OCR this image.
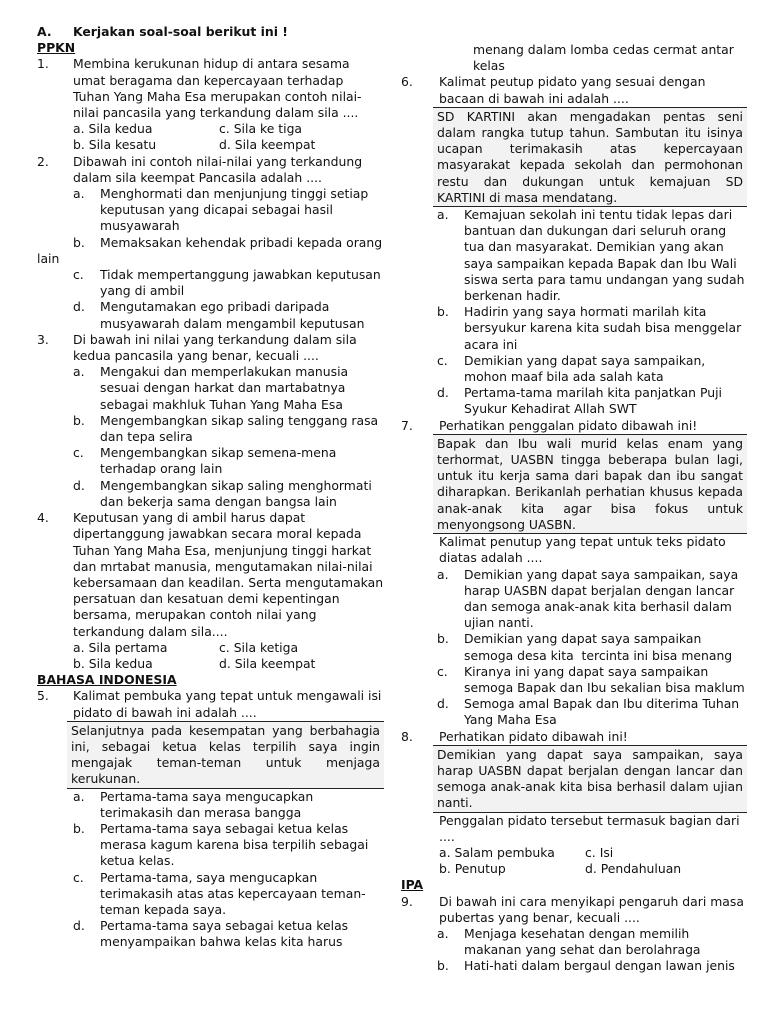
A.	Kerjakan soal-soal berikut ini !
PPKN
1.	Membina kerukunan hidup di antara sesama
umat beragama dan kepercayaan terhadap
Tuhan Yang Maha Esa merupakan contoh nilai-
nilai pancasila yang terkandung dalam sila ....
a. Sila kedua	c. Sila ke tiga
b. Sila kesatu	d. Sila keempat
2.	Dibawah ini contoh nilai-nilai yang terkandung
dalam sila keempat Pancasila adalah ....
a.	Menghormati dan menjunjung tinggi setiap
keputusan yang dicapai sebagai hasil
musyawarah
b. Memaksakan kehendak pribadi kepada orang
lain
c.	Tidak mempertanggung jawabkan keputusan
yang di ambil
d.	Mengutamakan ego pribadi daripada
musyawarah dalam mengambil keputusan
3.	Di bawah ini nilai yang terkandung dalam sila
kedua pancasila yang benar, kecuali ....
a.	Mengakui dan memperlakukan manusia
sesuai dengan harkat dan martabatnya
sebagai makhluk Tuhan Yang Maha Esa
b.	Mengembangkan sikap saling tenggang rasa
dan tepa selira
c.	Mengembangkan sikap semena-mena
terhadap orang lain
d.	Mengembangkan sikap saling menghormati
dan bekerja sama dengan bangsa lain
4.	Keputusan yang di ambil harus dapat
dipertanggung jawabkan secara moral kepada
Tuhan Yang Maha Esa, menjunjung tinggi harkat
dan mrtabat manusia, mengutamakan nilai-nilai
kebersamaan dan keadilan. Serta mengutamakan
persatuan dan kesatuan demi kepentingan
bersama, merupakan contoh nilai yang
terkandung dalam sila....
a. Sila pertama	c. Sila ketiga
b. Sila kedua	d. Sila keempat
BAHASA INDONESIA
5.	Kalimat pembuka yang tepat untuk mengawali isi
pidato di bawah ini adalah ....
Selanjutnya pada kesempatan yang berbahagia
ini, sebagai ketua kelas terpilih saya ingin
mengajak teman-teman untuk menjaga
kerukunan.
a.	Pertama-tama saya mengucapkan
terimakasih dan merasa bangga
b.	Pertama-tama saya sebagai ketua kelas
merasa kagum karena bisa terpilih sebagai
ketua kelas.
c.	Pertama-tama, saya mengucapkan
terimakasih atas atas kepercayaan teman-
teman kepada saya.
d.	Pertama-tama saya sebagai ketua kelas
menyampaikan bahwa kelas kita harus
menang dalam lomba cedas cermat antar
kelas
6.	Kalimat peutup pidato yang sesuai dengan
bacaan di bawah ini adalah ....
SD KARTINI akan mengadakan pentas seni
dalam rangka tutup tahun. Sambutan itu isinya
ucapan terimakasih atas kepercayaan
masyarakat kepada sekolah dan permohonan
restu dan dukungan untuk kemajuan SD
KARTINI di masa mendatang.
a.	Kemajuan sekolah ini tentu tidak lepas dari
bantuan dan dukungan dari seluruh orang
tua dan masyarakat. Demikian yang akan
saya sampaikan kepada Bapak dan Ibu Wali
siswa serta para tamu undangan yang sudah
berkenan hadir.
b.	Hadirin yang saya hormati marilah kita
bersyukur karena kita sudah bisa menggelar
acara ini
c.	Demikian yang dapat saya sampaikan,
mohon maaf bila ada salah kata
d.	Pertama-tama marilah kita panjatkan Puji
Syukur Kehadirat Allah SWT
7.	Perhatikan penggalan pidato dibawah ini!
Bapak dan Ibu wali murid kelas enam yang
terhormat, UASBN tingga beberapa bulan lagi,
untuk itu kerja sama dari bapak dan ibu sangat
diharapkan. Berikanlah perhatian khusus kepada
anak-anak kita agar bisa fokus untuk
menyongsong UASBN.
Kalimat penutup yang tepat untuk teks pidato
diatas adalah ....
a.	Demikian yang dapat saya sampaikan, saya
harap UASBN dapat berjalan dengan lancar
dan semoga anak-anak kita berhasil dalam
ujian nanti.
b.	Demikian yang dapat saya sampaikan
semoga desa kita  tercinta ini bisa menang
c.	Kiranya ini yang dapat saya sampaikan
semoga Bapak dan Ibu sekalian bisa maklum
d.	Semoga amal Bapak dan Ibu diterima Tuhan
Yang Maha Esa
8.	Perhatikan pidato dibawah ini!
Demikian yang dapat saya sampaikan, saya
harap UASBN dapat berjalan dengan lancar dan
semoga anak-anak kita bisa berhasil dalam ujian
nanti.
Penggalan pidato tersebut termasuk bagian dari
....
a. Salam pembuka	c. Isi
b. Penutup	d. Pendahuluan
IPA
9.	Di bawah ini cara menyikapi pengaruh dari masa
pubertas yang benar, kecuali ....
a.	Menjaga kesehatan dengan memilih
makanan yang sehat dan berolahraga
b.	Hati-hati dalam bergaul dengan lawan jenis
